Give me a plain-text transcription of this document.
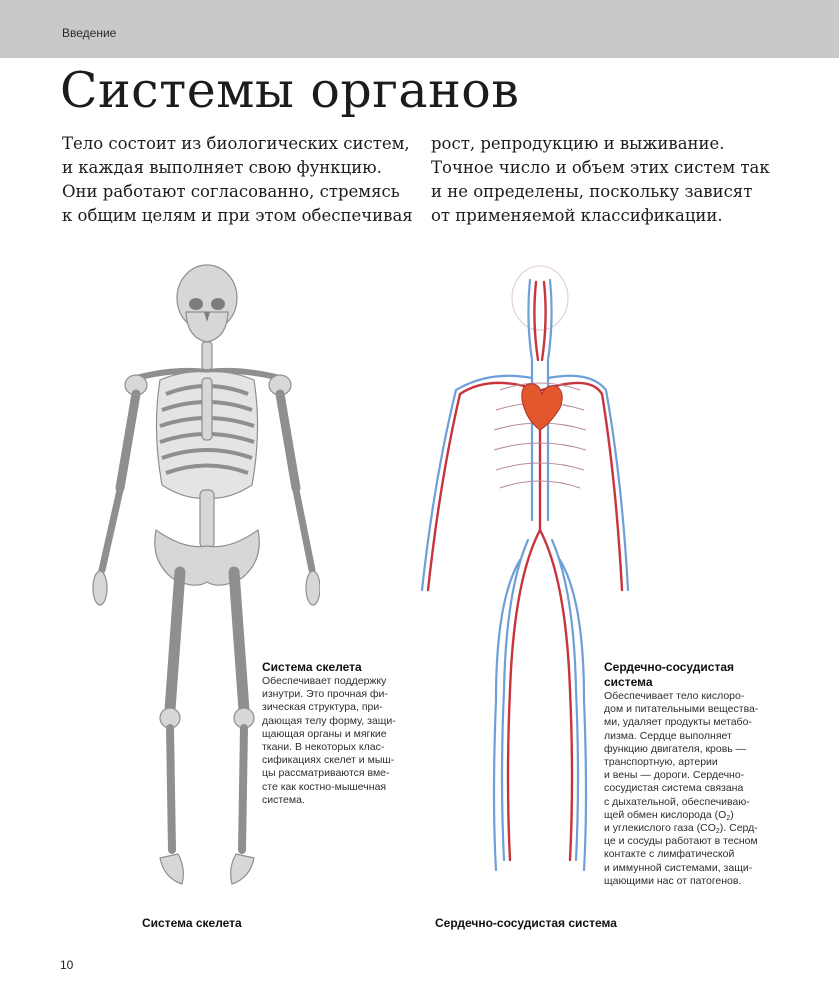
Введение
Системы органов
Тело состоит из биологических систем,
и каждая выполняет свою функцию.
Они работают согласованно, стремясь
к общим целям и при этом обеспечивая
рост, репродукцию и выживание.
Точное число и объем этих систем так
и не определены, поскольку зависят
от применяемой классификации.
Система скелета
Обеспечивает поддержку
изнутри. Это прочная фи-
зическая структура, при-
дающая телу форму, защи-
щающая органы и мягкие
ткани. В некоторых клас-
сификациях скелет и мыш-
цы рассматриваются вме-
сте как костно-мышечная
система.
Сердечно-сосудистая
система
Обеспечивает тело кислоро-
дом и питательными вещества-
ми, удаляет продукты метабо-
лизма. Сердце выполняет
функцию двигателя, кровь —
транспортную, артерии
и вены — дороги. Сердечно-
сосудистая система связана
с дыхательной, обеспечиваю-
щей обмен кислорода $(O_2)$
и углекислого газа $(CO_2)$. Серд-
це и сосуды работают в тесном
контакте с лимфатической
и иммунной системами, защи-
щающими нас от патогенов.
Система скелета	Сердечно-сосудистая система
10
